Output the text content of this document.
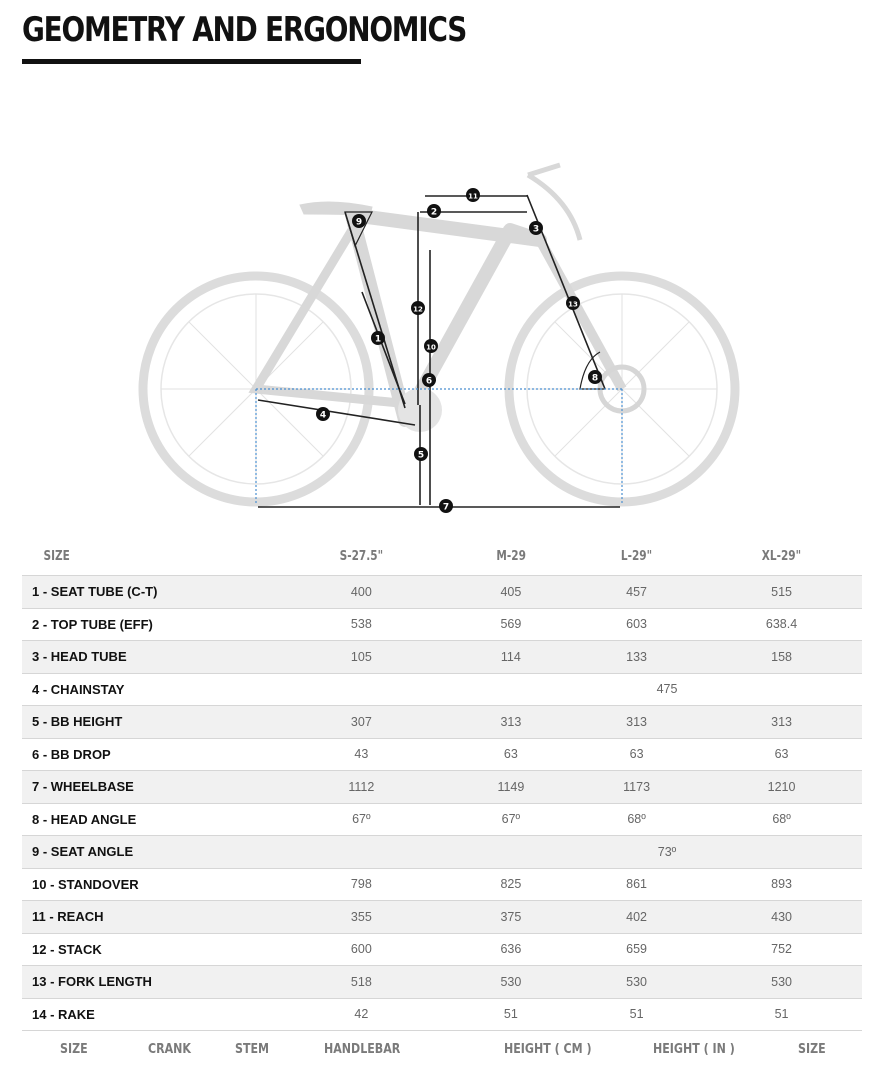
GEOMETRY AND ERGONOMICS
1
2
3
4
5
6
7
8
9
10
11
12
13
SIZE	S-27.5"	M-29	L-29"	XL-29"
1 - SEAT TUBE (C-T)	400	405	457	515
2 - TOP TUBE (EFF)	538	569	603	638.4
3 - HEAD TUBE	105	114	133	158
4 - CHAINSTAY	475			
5 - BB HEIGHT	307	313	313	313
6 - BB DROP	43	63	63	63
7 - WHEELBASE	1112	1149	1173	1210
8 - HEAD ANGLE	67º	67º	68º	68º
9 - SEAT ANGLE	73º			
10 - STANDOVER	798	825	861	893
11 - REACH	355	375	402	430
12 - STACK	600	636	659	752
13 - FORK LENGTH	518	530	530	530
14 - RAKE	42	51	51	51
SIZE	CRANK	STEM	HANDLEBAR	HEIGHT ( CM )	HEIGHT ( IN )	SIZE
